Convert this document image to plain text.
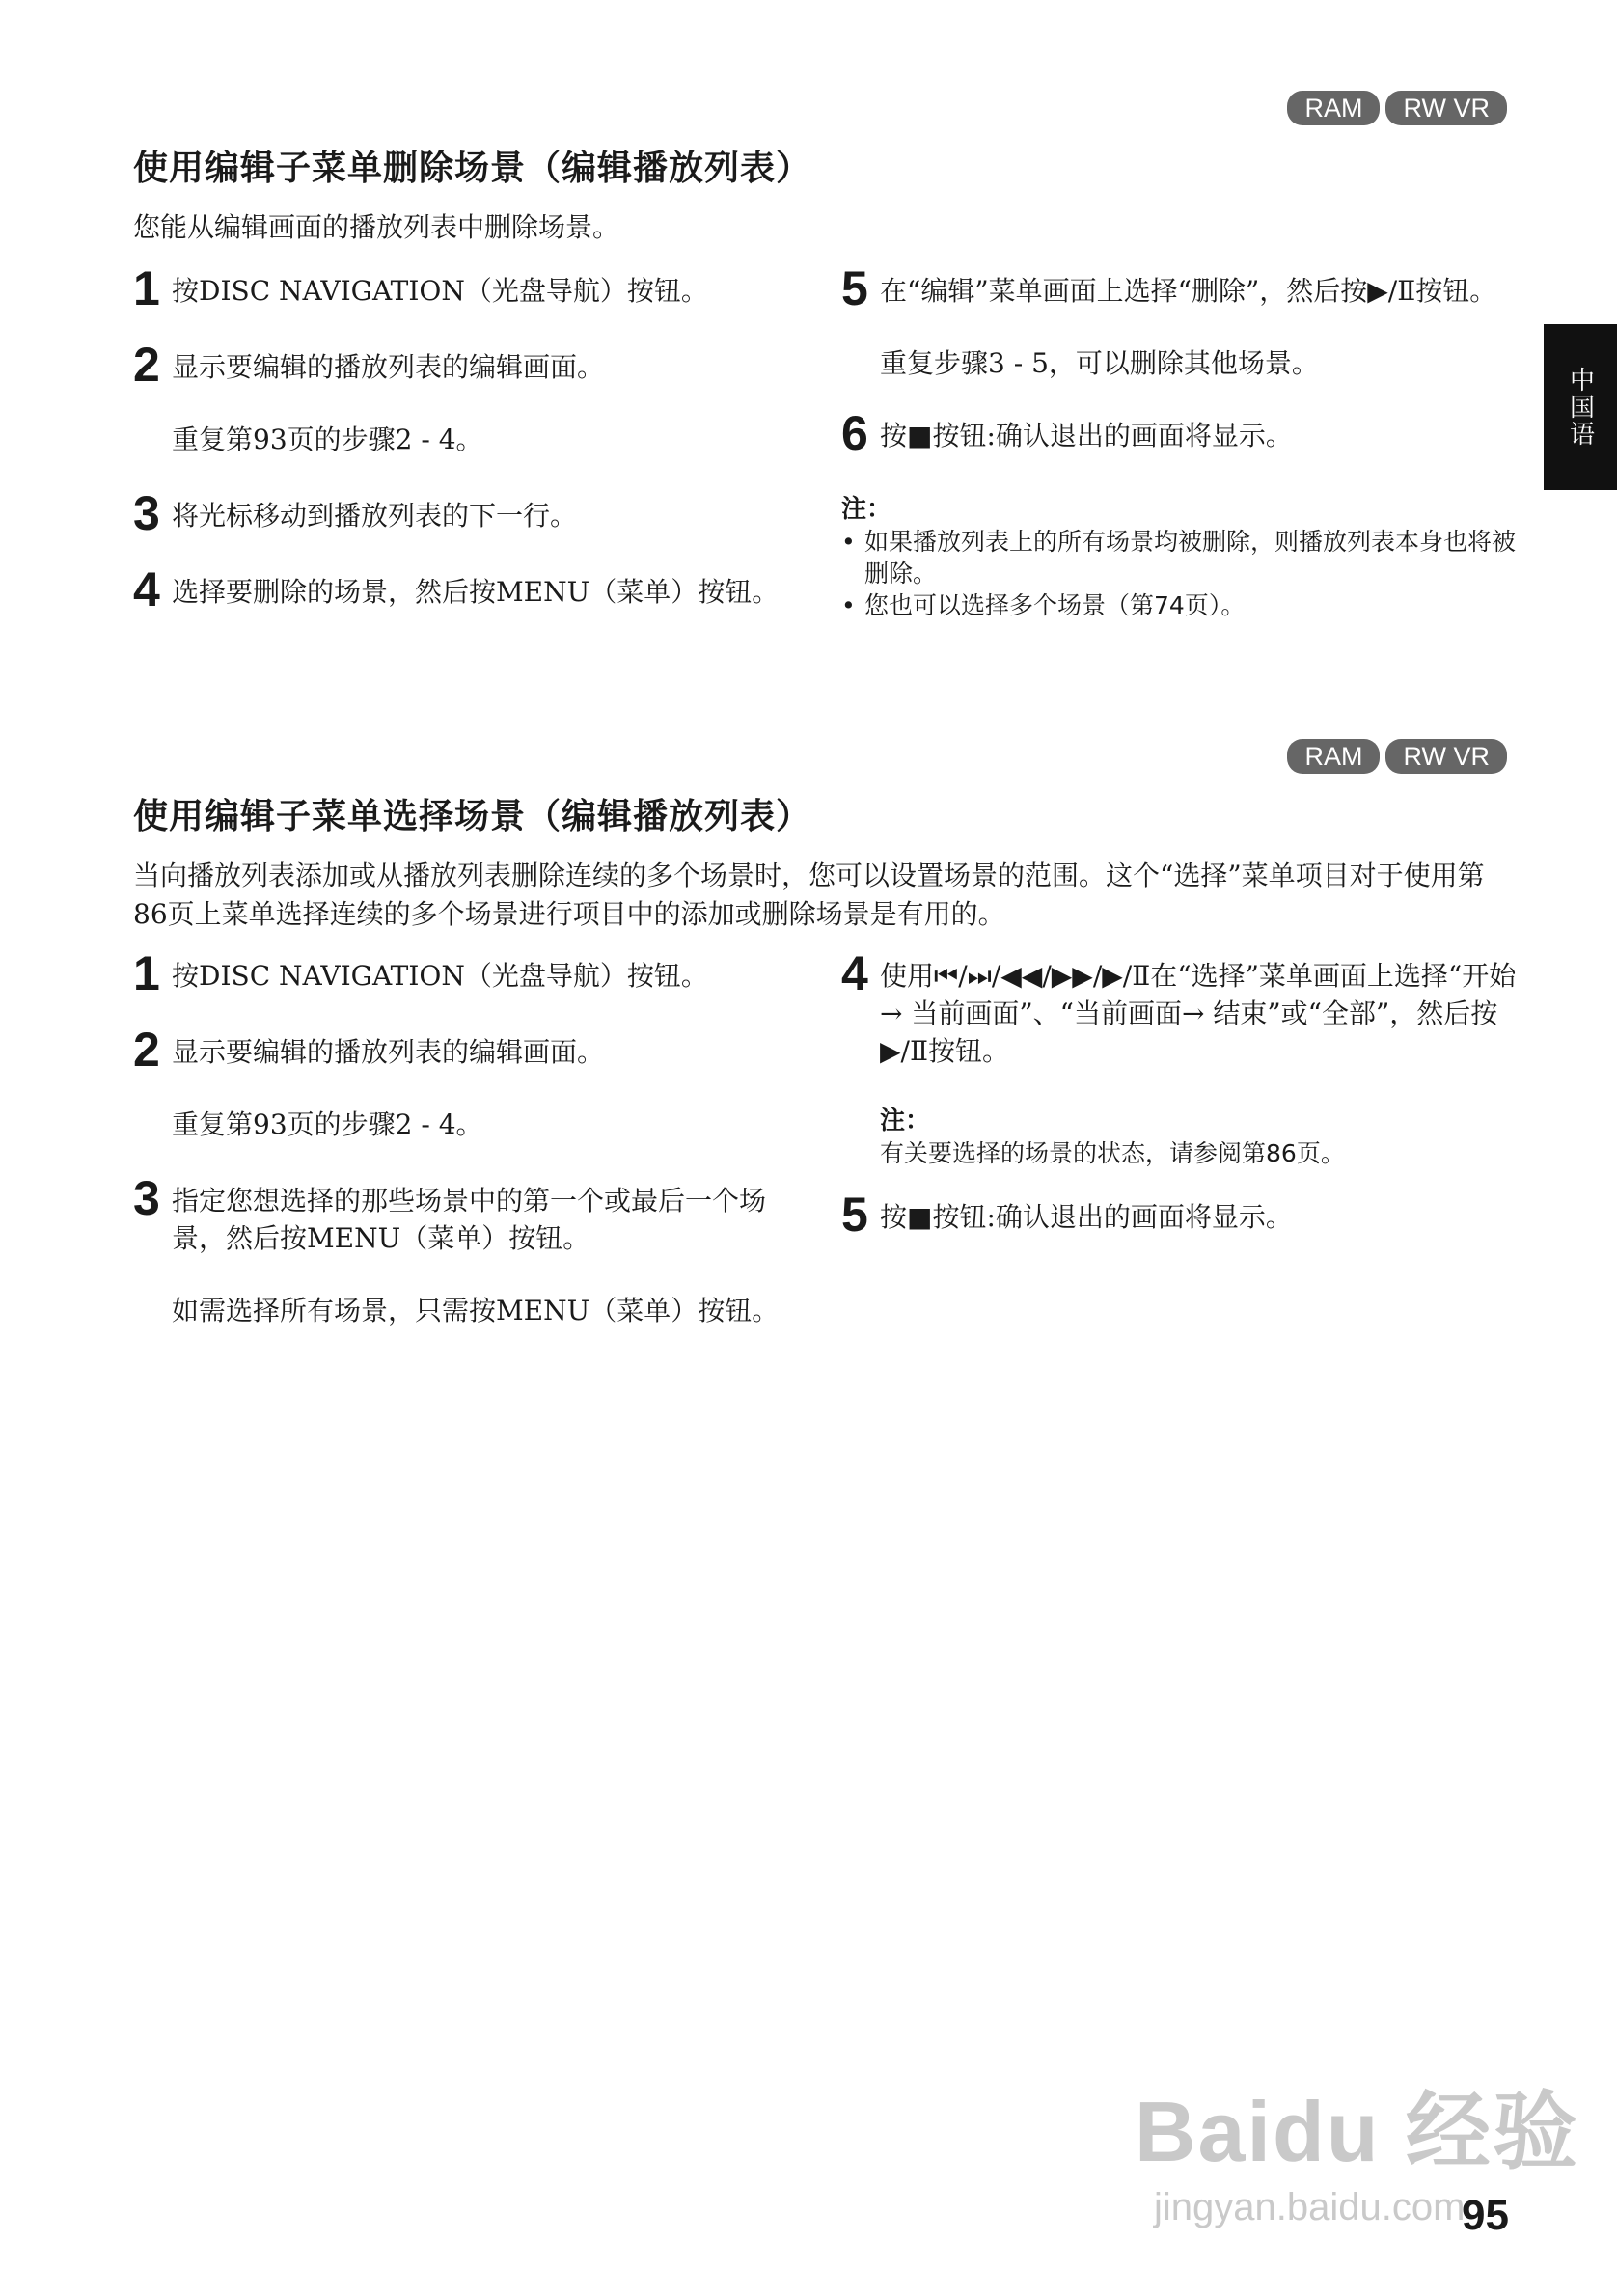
RAM	RW VR
使用编辑子菜单删除场景（编辑播放列表）
您能从编辑画面的播放列表中删除场景。
1 按DISC NAVIGATION（光盘导航）按钮。
2 显示要编辑的播放列表的编辑画面。
重复第93页的步骤2 - 4。
3 将光标移动到播放列表的下一行。
4 选择要删除的场景，然后按MENU（菜单）按钮。
5 在“编辑”菜单画面上选择“删除”，然后按▶/Ⅱ按钮。
重复步骤3 - 5，可以删除其他场景。
6 按■按钮:确认退出的画面将显示。
注：
• 如果播放列表上的所有场景均被删除，则播放列表本身也将被删除。
• 您也可以选择多个场景（第74页）。
RAM	RW VR
使用编辑子菜单选择场景（编辑播放列表）
当向播放列表添加或从播放列表删除连续的多个场景时，您可以设置场景的范围。这个“选择”菜单项目对于使用第86页上菜单选择连续的多个场景进行项目中的添加或删除场景是有用的。
1 按DISC NAVIGATION（光盘导航）按钮。
2 显示要编辑的播放列表的编辑画面。
重复第93页的步骤2 - 4。
3 指定您想选择的那些场景中的第一个或最后一个场景，然后按MENU（菜单）按钮。
如需选择所有场景，只需按MENU（菜单）按钮。
4 使用⏮/⏭/◀◀/▶▶/▶/Ⅱ在“选择”菜单画面上选择“开始→ 当前画面”、“当前画面→ 结束”或“全部”，然后按▶/Ⅱ按钮。
注：
有关要选择的场景的状态，请参阅第86页。
5 按■按钮:确认退出的画面将显示。
中国语
Baidu 经验
jingyan.baidu.com
95
